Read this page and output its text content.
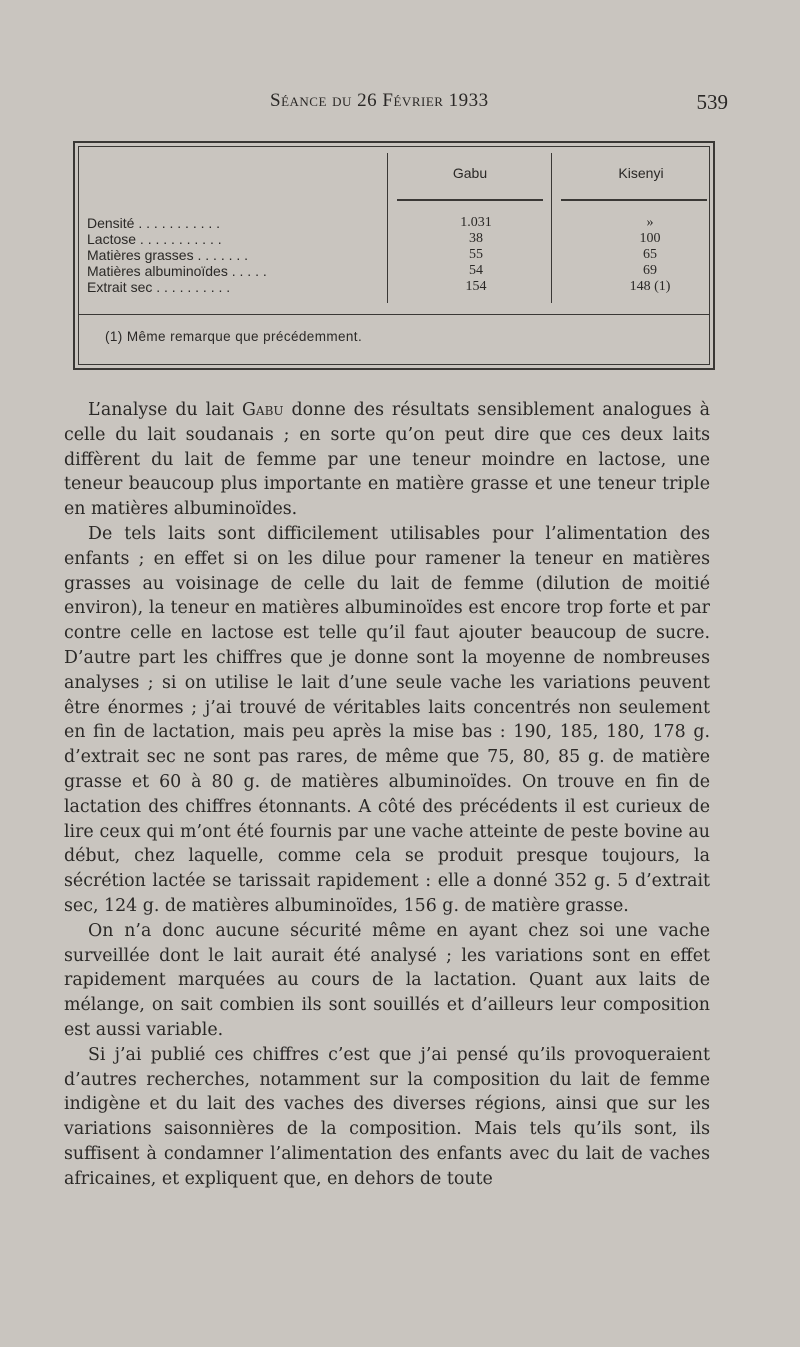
Séance du 26 Février 1933	539
Gabu	Kisenyi
Densité . . . . . . . . . . .
Lactose . . . . . . . . . . .
Matières grasses . . . . . . .
Matières albuminoïdes . . . . .
Extrait sec . . . . . . . . . .
1.031
38
55
54
154
»
100
65
69
148 (1)
(1) Même remarque que précédemment.

L’analyse du lait Gabu donne des résultats sensiblement analogues à celle du lait soudanais ; en sorte qu’on peut dire que ces deux laits diffèrent du lait de femme par une teneur moindre en lactose, une teneur beaucoup plus importante en matière grasse et une teneur triple en matières albuminoïdes.

De tels laits sont difficilement utilisables pour l’alimentation des enfants ; en effet si on les dilue pour ramener la teneur en matières grasses au voisinage de celle du lait de femme (dilution de moitié environ), la teneur en matières albuminoïdes est encore trop forte et par contre celle en lactose est telle qu’il faut ajouter beaucoup de sucre. D’autre part les chiffres que je donne sont la moyenne de nombreuses analyses ; si on utilise le lait d’une seule vache les variations peuvent être énormes ; j’ai trouvé de véritables laits concentrés non seulement en fin de lactation, mais peu après la mise bas : 190, 185, 180, 178 g. d’extrait sec ne sont pas rares, de même que 75, 80, 85 g. de matière grasse et 60 à 80 g. de matières albuminoïdes. On trouve en fin de lactation des chiffres étonnants. A côté des précédents il est curieux de lire ceux qui m’ont été fournis par une vache atteinte de peste bovine au début, chez laquelle, comme cela se produit presque toujours, la sécrétion lactée se tarissait rapidement : elle a donné 352 g. 5 d’extrait sec, 124 g. de matières albuminoïdes, 156 g. de matière grasse.

On n’a donc aucune sécurité même en ayant chez soi une vache surveillée dont le lait aurait été analysé ; les variations sont en effet rapidement marquées au cours de la lactation. Quant aux laits de mélange, on sait combien ils sont souillés et d’ailleurs leur composition est aussi variable.

Si j’ai publié ces chiffres c’est que j’ai pensé qu’ils provoqueraient d’autres recherches, notamment sur la composition du lait de femme indigène et du lait des vaches des diverses régions, ainsi que sur les variations saisonnières de la composition. Mais tels qu’ils sont, ils suffisent à condamner l’alimentation des enfants avec du lait de vaches africaines, et expliquent que, en dehors de toute
